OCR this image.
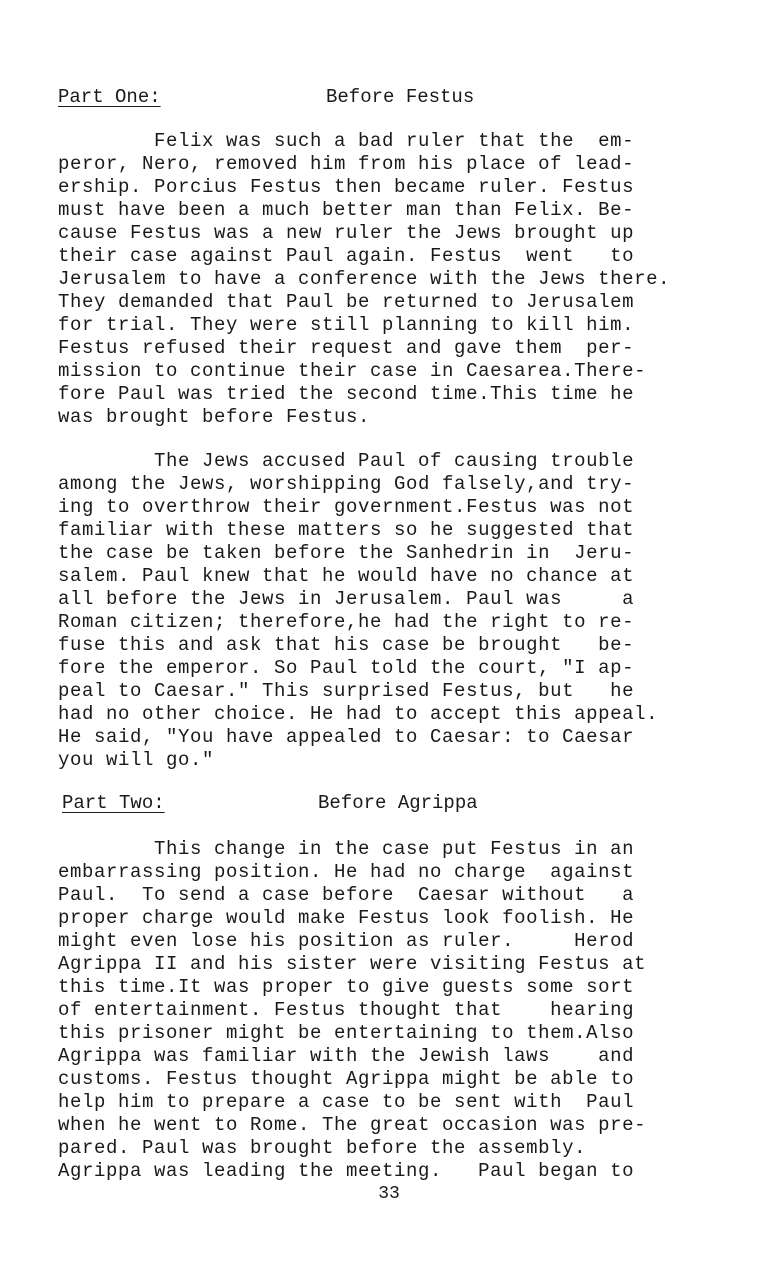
Part One:

	Before Festus

Felix was such a bad ruler that the  em-
peror, Nero, removed him from his place of lead-
ership. Porcius Festus then became ruler. Festus
must have been a much better man than Felix. Be-
cause Festus was a new ruler the Jews brought up
their case against Paul again. Festus  went   to
Jerusalem to have a conference with the Jews there.
They demanded that Paul be returned to Jerusalem
for trial. They were still planning to kill him.
Festus refused their request and gave them  per-
mission to continue their case in Caesarea.There-
fore Paul was tried the second time.This time he
was brought before Festus.
The Jews accused Paul of causing trouble
among the Jews, worshipping God falsely,and try-
ing to overthrow their government.Festus was not
familiar with these matters so he suggested that
the case be taken before the Sanhedrin in  Jeru-
salem. Paul knew that he would have no chance at
all before the Jews in Jerusalem. Paul was     a
Roman citizen; therefore,he had the right to re-
fuse this and ask that his case be brought   be-
fore the emperor. So Paul told the court, "I ap-
peal to Caesar." This surprised Festus, but   he
had no other choice. He had to accept this appeal.
He said, "You have appealed to Caesar: to Caesar
you will go."

Part Two:

	Before Agrippa

This change in the case put Festus in an
embarrassing position. He had no charge  against
Paul.  To send a case before  Caesar without   a
proper charge would make Festus look foolish. He
might even lose his position as ruler.     Herod
Agrippa II and his sister were visiting Festus at
this time.It was proper to give guests some sort
of entertainment. Festus thought that    hearing
this prisoner might be entertaining to them.Also
Agrippa was familiar with the Jewish laws    and
customs. Festus thought Agrippa might be able to
help him to prepare a case to be sent with  Paul
when he went to Rome. The great occasion was pre-
pared. Paul was brought before the assembly.
Agrippa was leading the meeting.   Paul began to
33
